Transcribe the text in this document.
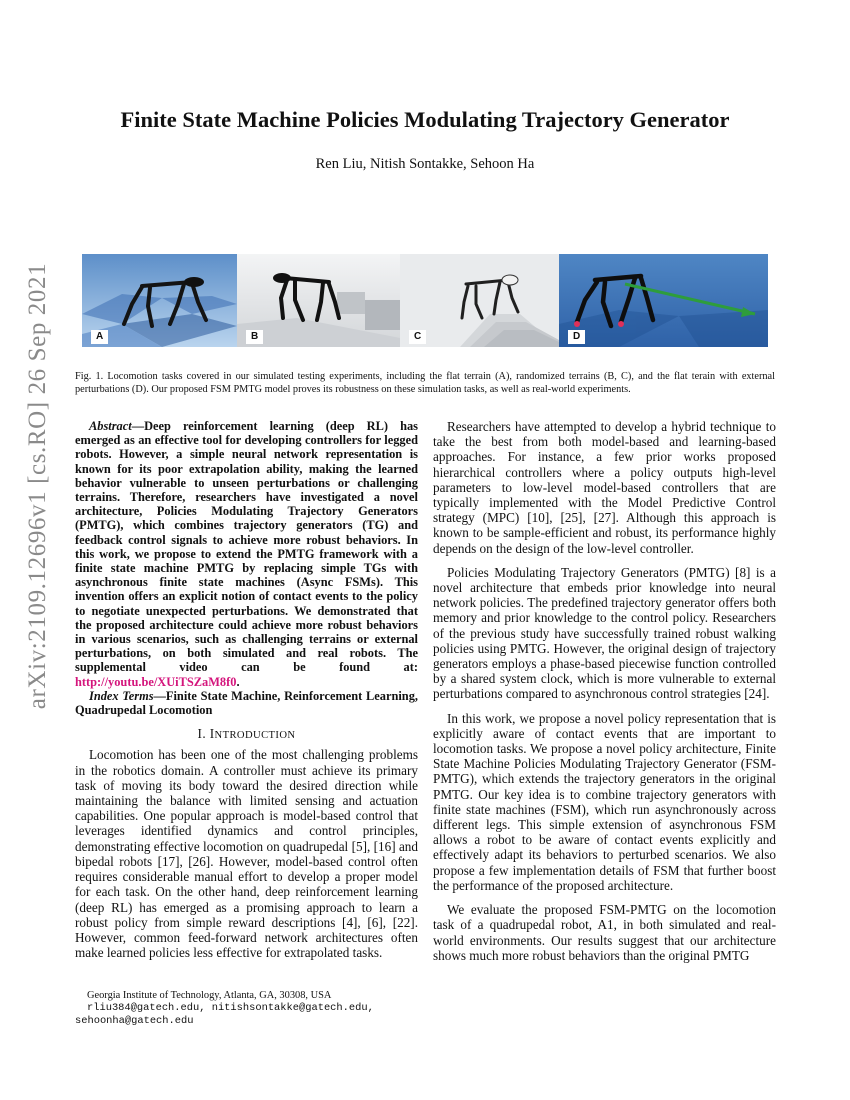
arXiv:2109.12696v1 [cs.RO] 26 Sep 2021
Finite State Machine Policies Modulating Trajectory Generator
Ren Liu, Nitish Sontakke, Sehoon Ha
A	B	C	D
Fig. 1. Locomotion tasks covered in our simulated testing experiments, including the flat terrain (A), randomized terrains (B, C), and the flat terain with external perturbations (D). Our proposed FSM PMTG model proves its robustness on these simulation tasks, as well as real-world experiments.

Abstract—Deep reinforcement learning (deep RL) has emerged as an effective tool for developing controllers for legged robots. However, a simple neural network representation is known for its poor extrapolation ability, making the learned behavior vulnerable to unseen perturbations or challenging terrains. Therefore, researchers have investigated a novel architecture, Policies Modulating Trajectory Generators (PMTG), which combines trajectory generators (TG) and feedback control signals to achieve more robust behaviors. In this work, we propose to extend the PMTG framework with a finite state machine PMTG by replacing simple TGs with asynchronous finite state machines (Async FSMs). This invention offers an explicit notion of contact events to the policy to negotiate unexpected perturbations. We demonstrated that the proposed architecture could achieve more robust behaviors in various scenarios, such as challenging terrains or external perturbations, on both simulated and real robots. The supplemental video can be found at: http://youtu.be/XUiTSZaM8f0.

Index Terms—Finite State Machine, Reinforcement Learning, Quadrupedal Locomotion

I. INTRODUCTION

Locomotion has been one of the most challenging problems in the robotics domain. A controller must achieve its primary task of moving its body toward the desired direction while maintaining the balance with limited sensing and actuation capabilities. One popular approach is model-based control that leverages identified dynamics and control principles, demonstrating effective locomotion on quadrupedal [5], [16] and bipedal robots [17], [26]. However, model-based control often requires considerable manual effort to develop a proper model for each task. On the other hand, deep reinforcement learning (deep RL) has emerged as a promising approach to learn a robust policy from simple reward descriptions [4], [6], [22]. However, common feed-forward network architectures often make learned policies less effective for extrapolated tasks.

Researchers have attempted to develop a hybrid technique to take the best from both model-based and learning-based approaches. For instance, a few prior works proposed hierarchical controllers where a policy outputs high-level parameters to low-level model-based controllers that are typically implemented with the Model Predictive Control strategy (MPC) [10], [25], [27]. Although this approach is known to be sample-efficient and robust, its performance highly depends on the design of the low-level controller.

Policies Modulating Trajectory Generators (PMTG) [8] is a novel architecture that embeds prior knowledge into neural network policies. The predefined trajectory generator offers both memory and prior knowledge to the control policy. Researchers of the previous study have successfully trained robust walking policies using PMTG. However, the original design of trajectory generators employs a phase-based piecewise function controlled by a shared system clock, which is more vulnerable to external perturbations compared to asynchronous control strategies [24].

In this work, we propose a novel policy representation that is explicitly aware of contact events that are important to locomotion tasks. We propose a novel policy architecture, Finite State Machine Policies Modulating Trajectory Generator (FSM-PMTG), which extends the trajectory generators in the original PMTG. Our key idea is to combine trajectory generators with finite state machines (FSM), which run asynchronously across different legs. This simple extension of asynchronous FSM allows a robot to be aware of contact events explicitly and effectively adapt its behaviors to perturbed scenarios. We also propose a few implementation details of FSM that further boost the performance of the proposed architecture.

We evaluate the proposed FSM-PMTG on the locomotion task of a quadrupedal robot, A1, in both simulated and real-world environments. Our results suggest that our architecture shows much more robust behaviors than the original PMTG

Georgia Institute of Technology, Atlanta, GA, 30308, USA
rliu384@gatech.edu, nitishsontakke@gatech.edu,
sehoonha@gatech.edu
